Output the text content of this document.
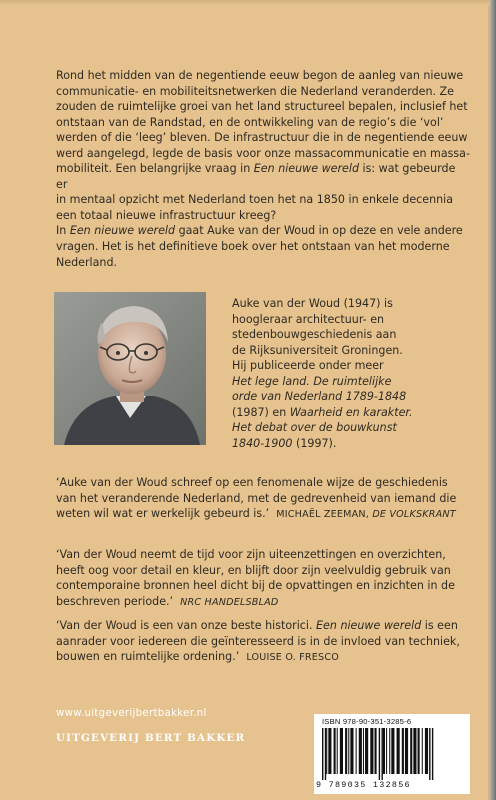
Rond het midden van de negentiende eeuw begon de aanleg van nieuwe
communicatie- en mobiliteitsnetwerken die Nederland veranderden. Ze
zouden de ruimtelijke groei van het land structureel bepalen, inclusief het
ontstaan van de Randstad, en de ontwikkeling van de regio’s die ‘vol’
werden of die ‘leeg’ bleven. De infrastructuur die in de negentiende eeuw
werd aangelegd, legde de basis voor onze massacommunicatie en massa-
mobiliteit. Een belangrijke vraag in Een nieuwe wereld is: wat gebeurde er
in mentaal opzicht met Nederland toen het na 1850 in enkele decennia
een totaal nieuwe infrastructuur kreeg?

In Een nieuwe wereld gaat Auke van der Woud in op deze en vele andere
vragen. Het is het definitieve boek over het ontstaan van het moderne
Nederland.

Auke van der Woud (1947) is
hoogleraar architectuur- en
stedenbouwgeschiedenis aan
de Rijksuniversiteit Groningen.
Hij publiceerde onder meer
Het lege land. De ruimtelijke
orde van Nederland 1789-1848
(1987) en Waarheid en karakter.
Het debat over de bouwkunst
1840-1900 (1997).
‘Auke van der Woud schreef op een fenomenale wijze de geschiedenis
van het veranderende Nederland, met de gedrevenheid van iemand die
weten wil wat er werkelijk gebeurd is.’ MICHAËL ZEEMAN, DE VOLKSKRANT
‘Van der Woud neemt de tijd voor zijn uiteenzettingen en overzichten,
heeft oog voor detail en kleur, en blijft door zijn veelvuldig gebruik van
contemporaine bronnen heel dicht bij de opvattingen en inzichten in de
beschreven periode.’ NRC HANDELSBLAD
‘Van der Woud is een van onze beste historici. Een nieuwe wereld is een
aanrader voor iedereen die geïnteresseerd is in de invloed van techniek,
bouwen en ruimtelijke ordening.’ LOUISE O. FRESCO
www.uitgeverijbertbakker.nl
UITGEVERIJ BERT BAKKER
ISBN 978-90-351-3285-6
9 789035 132856
